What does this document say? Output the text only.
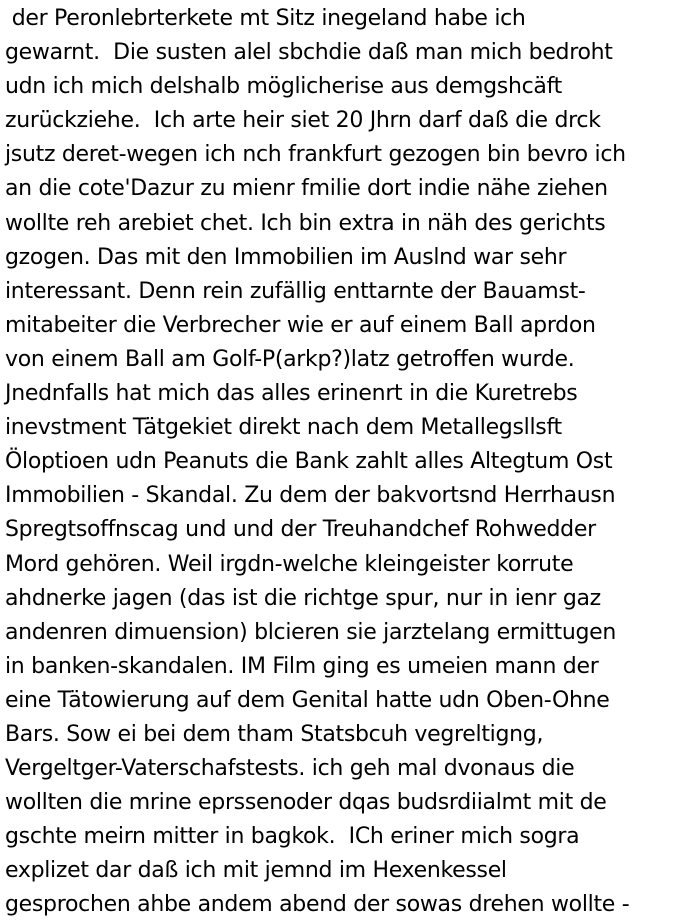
der Peronlebrterkete mt Sitz inegeland habe ich
gewarnt.  Die susten alel sbchdie daß man mich bedroht
udn ich mich delshalb möglicherise aus demgshcäft
zurückziehe.  Ich arte heir siet 20 Jhrn darf daß die drck
jsutz deret-wegen ich nch frankfurt gezogen bin bevro ich
an die cote'Dazur zu mienr fmilie dort indie nähe ziehen
wollte reh arebiet chet. Ich bin extra in näh des gerichts
gzogen. Das mit den Immobilien im Auslnd war sehr
interessant. Denn rein zufällig enttarnte der Bauamst-
mitabeiter die Verbrecher wie er auf einem Ball aprdon
von einem Ball am Golf-P(arkp?)latz getroffen wurde.
Jnednfalls hat mich das alles erinenrt in die Kuretrebs
inevstment Tätgekiet direkt nach dem Metallegsllsft
Öloptioen udn Peanuts die Bank zahlt alles Altegtum Ost
Immobilien - Skandal. Zu dem der bakvortsnd Herrhausn
Spregtsoffnscag und und der Treuhandchef Rohwedder
Mord gehören. Weil irgdn-welche kleingeister korrute
ahdnerke jagen (das ist die richtge spur, nur in ienr gaz
andenren dimuension) blcieren sie jarztelang ermittugen
in banken-skandalen. IM Film ging es umeien mann der
eine Tätowierung auf dem Genital hatte udn Oben-Ohne
Bars. Sow ei bei dem tham Statsbcuh vegreltigng,
Vergeltger-Vaterschafstests. ich geh mal dvonaus die
wollten die mrine eprssenoder dqas budsrdiialmt mit de
gschte meirn mitter in bagkok.  ICh eriner mich sogra
explizet dar daß ich mit jemnd im Hexenkessel
gesprochen ahbe andem abend der sowas drehen wollte -
